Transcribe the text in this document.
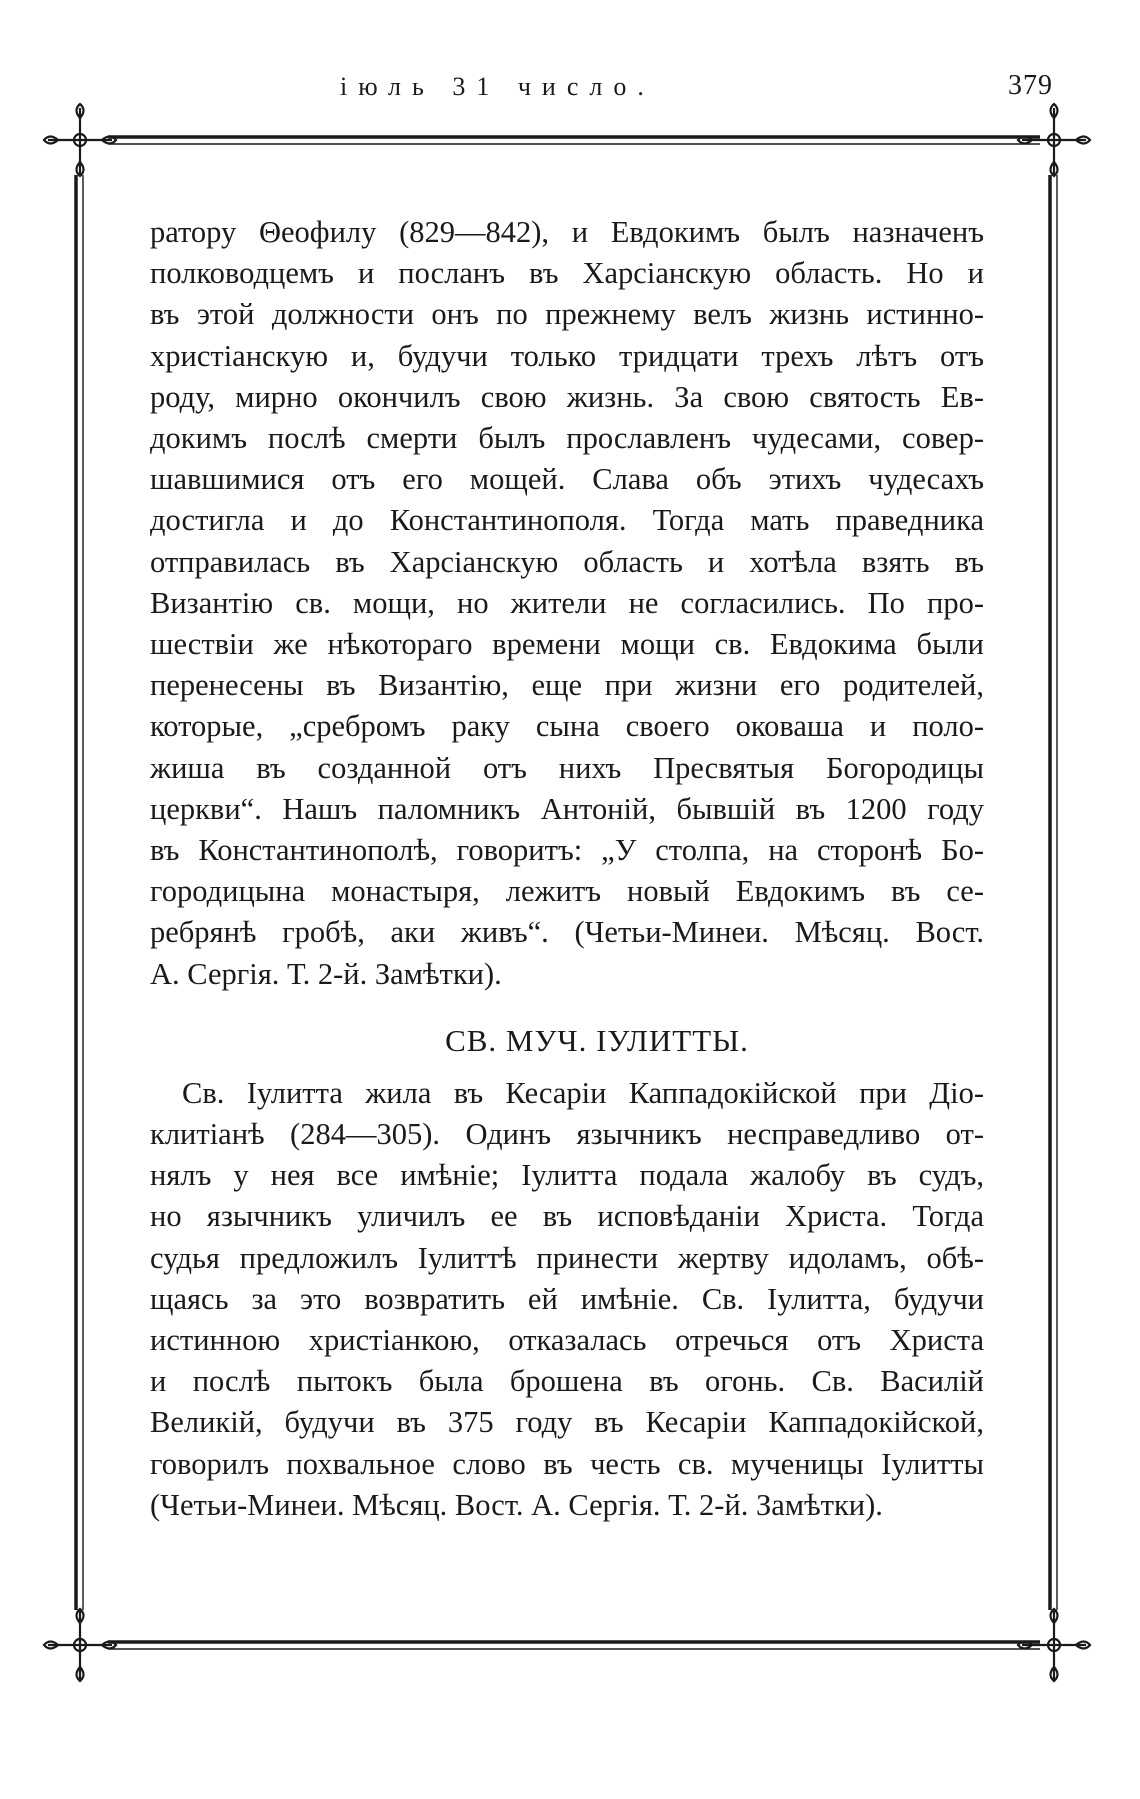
іюль 31 число.	379
ратору Θеофилу (829—842), и Евдокимъ былъ назначенъ
полководцемъ и посланъ въ Харсіанскую область. Но и
въ этой должности онъ по прежнему велъ жизнь истинно-
христіанскую и, будучи только тридцати трехъ лѣтъ отъ
роду, мирно окончилъ свою жизнь. За свою святость Ев-
докимъ послѣ смерти былъ прославленъ чудесами, совер-
шавшимися отъ его мощей. Слава объ этихъ чудесахъ
достигла и до Константинополя. Тогда мать праведника
отправилась въ Харсіанскую область и хотѣла взять въ
Византію св. мощи, но жители не согласились. По про-
шествіи же нѣкотораго времени мощи св. Евдокима были
перенесены въ Византію, еще при жизни его родителей,
которые, „сребромъ раку сына своего оковаша и поло-
жиша въ созданной отъ нихъ Пресвятыя Богородицы
церкви“. Нашъ паломникъ Антоній, бывшій въ 1200 году
въ Константинополѣ, говоритъ: „У столпа, на сторонѣ Бо-
городицына монастыря, лежитъ новый Евдокимъ въ се-
ребрянѣ гробѣ, аки живъ“. (Четьи-Минеи. Мѣсяц. Вост.
А. Сергія. Т. 2-й. Замѣтки).
СВ. МУЧ. ІУЛИТТЫ.
Св. Іулитта жила въ Кесаріи Каппадокійской при Діо-
клитіанѣ (284—305). Одинъ язычникъ несправедливо от-
нялъ у нея все имѣніе; Іулитта подала жалобу въ судъ,
но язычникъ уличилъ ее въ исповѣданіи Христа. Тогда
судья предложилъ Іулиттѣ принести жертву идоламъ, обѣ-
щаясь за это возвратить ей имѣніе. Св. Іулитта, будучи
истинною христіанкою, отказалась отречься отъ Христа
и послѣ пытокъ была брошена въ огонь. Св. Василій
Великій, будучи въ 375 году въ Кесаріи Каппадокійской,
говорилъ похвальное слово въ честь св. мученицы Іулитты
(Четьи-Минеи. Мѣсяц. Вост. А. Сергія. Т. 2-й. Замѣтки).
